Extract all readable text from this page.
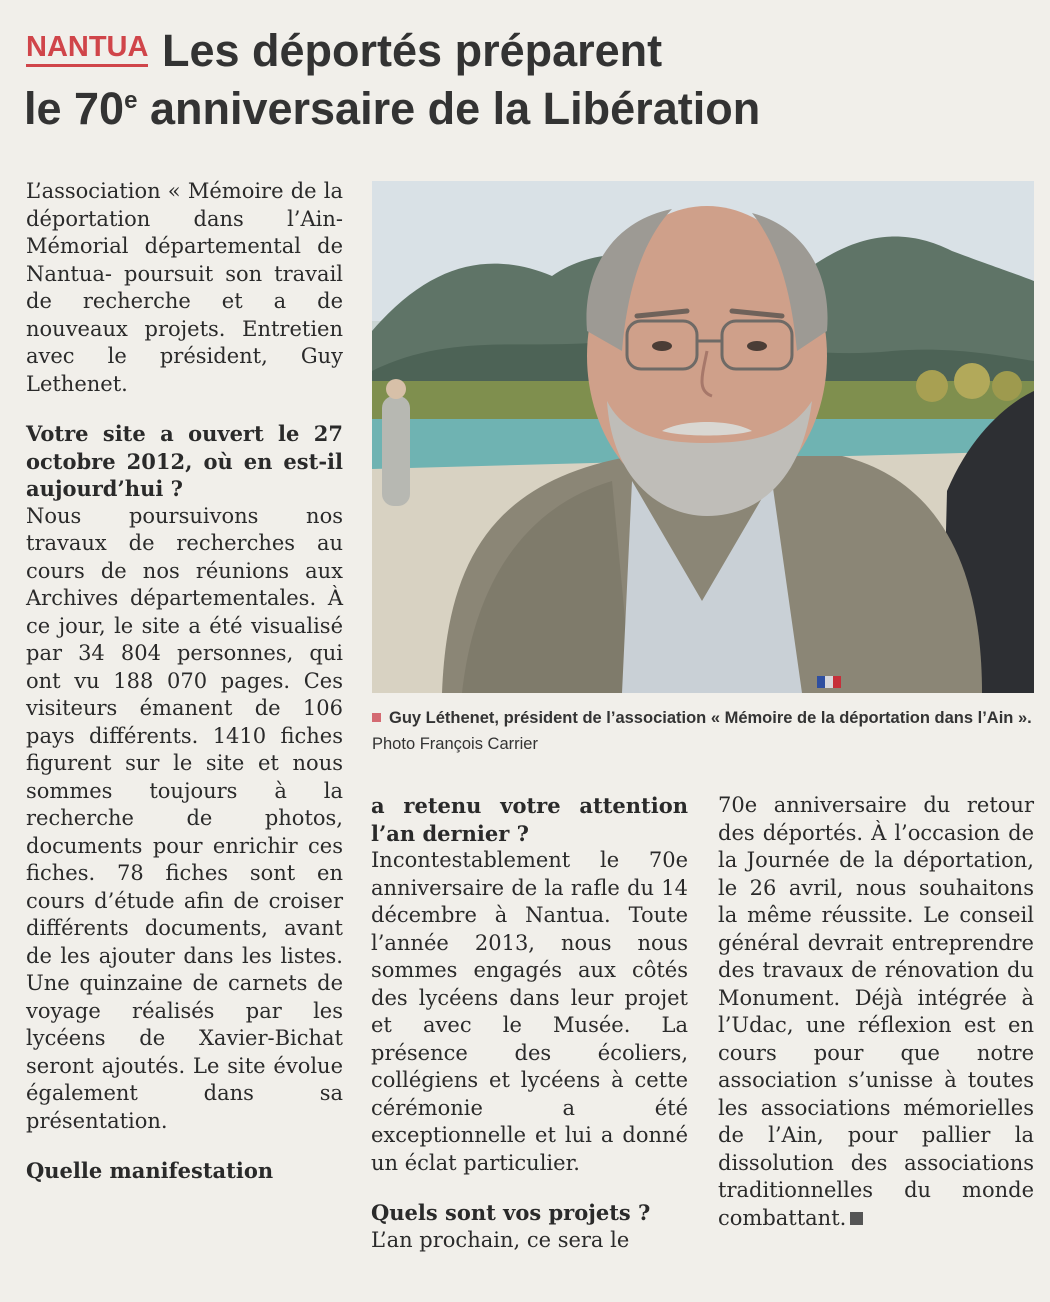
NANTUA Les déportés préparent
le 70e anniversaire de la Libération

L’association « Mémoire de la déportation dans l’Ain-Mémorial départemental de Nantua- poursuit son travail de recherche et a de nouveaux projets. Entretien avec le président, Guy Lethenet.

Votre site a ouvert le 27 octobre 2012, où en est-il aujourd’hui ?

Nous poursuivons nos travaux de recherches au cours de nos réunions aux Archives départementales. À ce jour, le site a été visualisé par 34 804 personnes, qui ont vu 188 070 pages. Ces visiteurs émanent de 106 pays différents. 1410 fiches figurent sur le site et nous sommes toujours à la recherche de photos, documents pour enrichir ces fiches. 78 fiches sont en cours d’étude afin de croiser différents documents, avant de les ajouter dans les listes. Une quinzaine de carnets de voyage réalisés par les lycéens de Xavier-Bichat seront ajoutés. Le site évolue également dans sa présentation.

Quelle manifestation

Guy Léthenet, président de l’association « Mémoire de la déportation dans l’Ain ». Photo François Carrier

a retenu votre attention l’an dernier ?

Incontestablement le 70e anniversaire de la rafle du 14 décembre à Nantua. Toute l’année 2013, nous nous sommes engagés aux côtés des lycéens dans leur projet et avec le Musée. La présence des écoliers, collégiens et lycéens à cette cérémonie a été exceptionnelle et lui a donné un éclat particulier.

Quels sont vos projets ?

L’an prochain, ce sera le

70e anniversaire du retour des déportés. À l’occasion de la Journée de la déportation, le 26 avril, nous souhaitons la même réussite. Le conseil général devrait entreprendre des travaux de rénovation du Monument. Déjà intégrée à l’Udac, une réflexion est en cours pour que notre association s’unisse à toutes les associations mémorielles de l’Ain, pour pallier la dissolution des associations traditionnelles du monde combattant.
